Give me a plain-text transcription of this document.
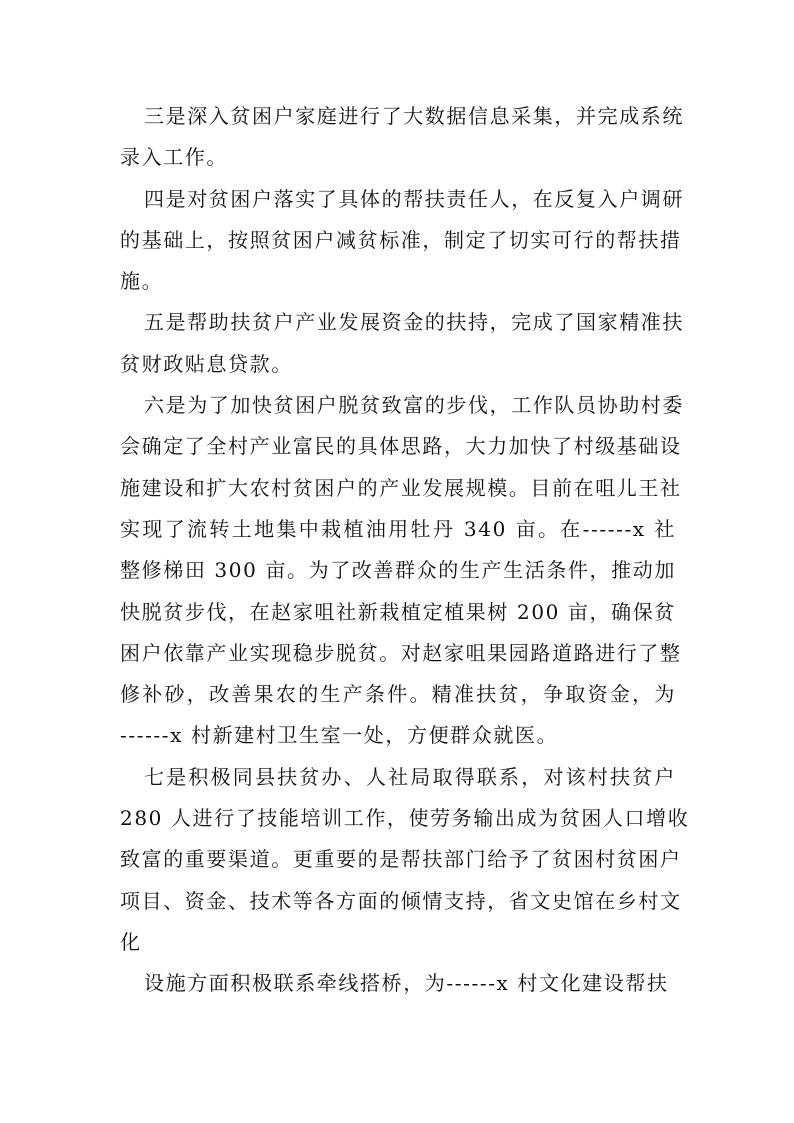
三是深入贫困户家庭进行了大数据信息采集，并完成系统
录入工作。
四是对贫困户落实了具体的帮扶责任人，在反复入户调研
的基础上，按照贫困户减贫标准，制定了切实可行的帮扶措
施。
五是帮助扶贫户产业发展资金的扶持，完成了国家精准扶
贫财政贴息贷款。
六是为了加快贫困户脱贫致富的步伐，工作队员协助村委
会确定了全村产业富民的具体思路，大力加快了村级基础设
施建设和扩大农村贫困户的产业发展规模。目前在咀儿王社
实现了流转土地集中栽植油用牡丹 340 亩。在------x 社
整修梯田 300 亩。为了改善群众的生产生活条件，推动加
快脱贫步伐，在赵家咀社新栽植定植果树 200 亩，确保贫
困户依靠产业实现稳步脱贫。对赵家咀果园路道路进行了整
修补砂，改善果农的生产条件。精准扶贫，争取资金，为
------x 村新建村卫生室一处，方便群众就医。
七是积极同县扶贫办、人社局取得联系，对该村扶贫户
280 人进行了技能培训工作，使劳务输出成为贫困人口增收
致富的重要渠道。更重要的是帮扶部门给予了贫困村贫困户
项目、资金、技术等各方面的倾情支持，省文史馆在乡村文
化
设施方面积极联系牵线搭桥，为------x 村文化建设帮扶
